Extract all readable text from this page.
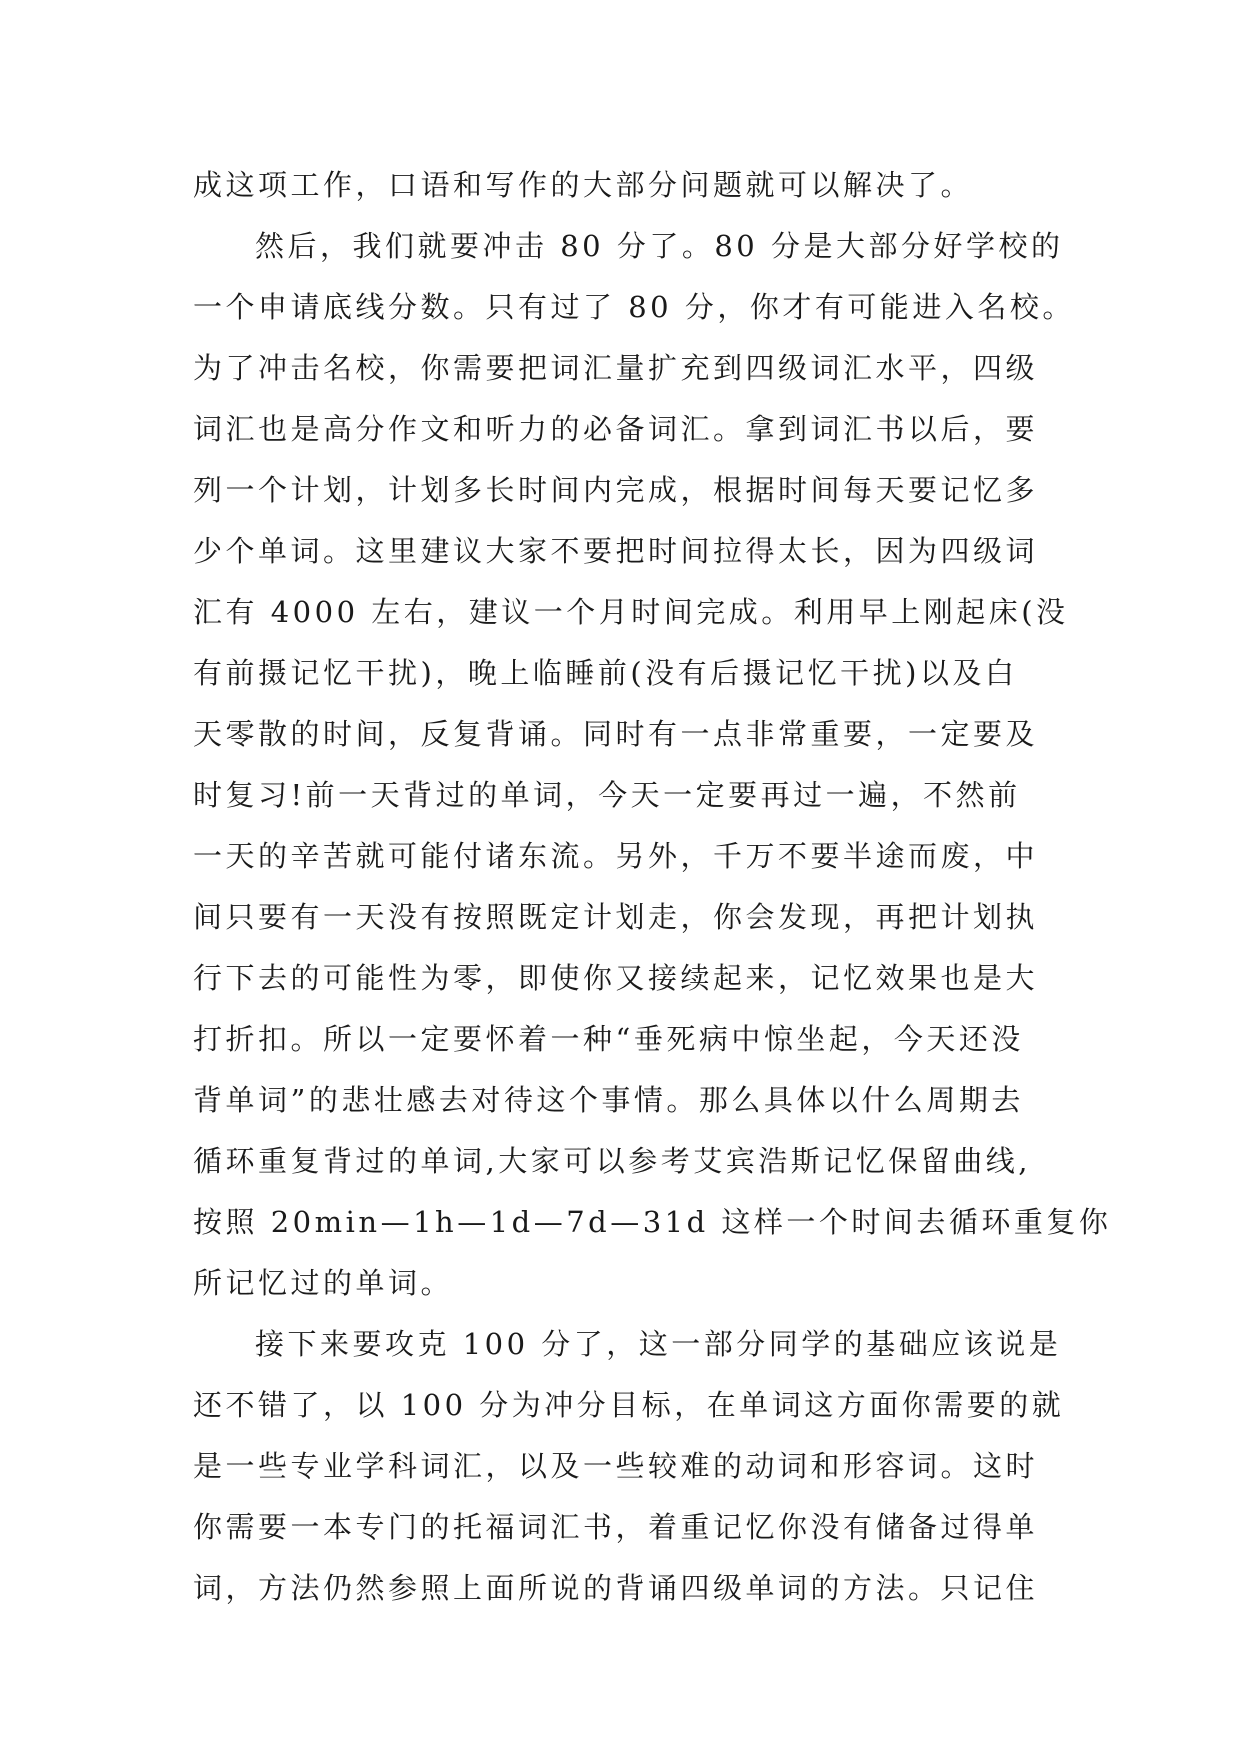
成这项工作，口语和写作的大部分问题就可以解决了。
然后，我们就要冲击 80 分了。80 分是大部分好学校的
一个申请底线分数。只有过了 80 分，你才有可能进入名校。
为了冲击名校，你需要把词汇量扩充到四级词汇水平，四级
词汇也是高分作文和听力的必备词汇。拿到词汇书以后，要
列一个计划，计划多长时间内完成，根据时间每天要记忆多
少个单词。这里建议大家不要把时间拉得太长，因为四级词
汇有 4000 左右，建议一个月时间完成。利用早上刚起床(没
有前摄记忆干扰)，晚上临睡前(没有后摄记忆干扰)以及白
天零散的时间，反复背诵。同时有一点非常重要，一定要及
时复习!前一天背过的单词，今天一定要再过一遍，不然前
一天的辛苦就可能付诸东流。另外，千万不要半途而废，中
间只要有一天没有按照既定计划走，你会发现，再把计划执
行下去的可能性为零，即使你又接续起来，记忆效果也是大
打折扣。所以一定要怀着一种“垂死病中惊坐起，今天还没
背单词”的悲壮感去对待这个事情。那么具体以什么周期去
循环重复背过的单词,大家可以参考艾宾浩斯记忆保留曲线,
按照 20min—1h—1d—7d—31d 这样一个时间去循环重复你
所记忆过的单词。
接下来要攻克 100 分了，这一部分同学的基础应该说是
还不错了，以 100 分为冲分目标，在单词这方面你需要的就
是一些专业学科词汇，以及一些较难的动词和形容词。这时
你需要一本专门的托福词汇书，着重记忆你没有储备过得单
词，方法仍然参照上面所说的背诵四级单词的方法。只记住
